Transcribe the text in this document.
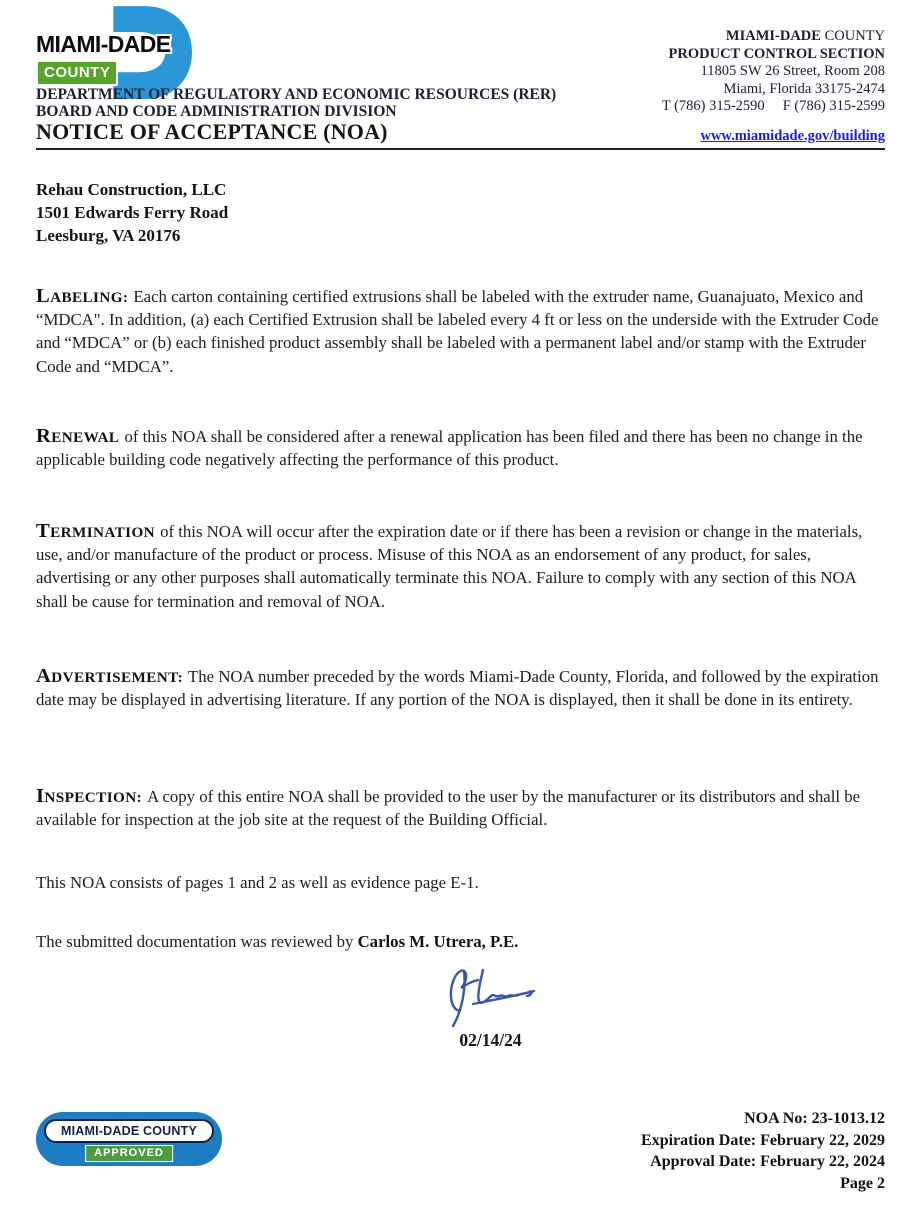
MIAMI-DADE
COUNTY
DEPARTMENT OF REGULATORY AND ECONOMIC RESOURCES (RER)
BOARD AND CODE ADMINISTRATION DIVISION
NOTICE OF ACCEPTANCE (NOA)
MIAMI-DADE COUNTY
PRODUCT CONTROL SECTION
11805 SW 26 Street, Room 208
Miami, Florida 33175-2474
T (786) 315-2590 F (786) 315-2599
www.miamidade.gov/building
Rehau Construction, LLC
1501 Edwards Ferry Road
Leesburg, VA 20176
LABELING: Each carton containing certified extrusions shall be labeled with the extruder name, Guanajuato, Mexico and “MDCA". In addition, (a) each Certified Extrusion shall be labeled every 4 ft or less on the underside with the Extruder Code and “MDCA” or (b) each finished product assembly shall be labeled with a permanent label and/or stamp with the Extruder Code and “MDCA”.
RENEWAL of this NOA shall be considered after a renewal application has been filed and there has been no change in the applicable building code negatively affecting the performance of this product.
TERMINATION of this NOA will occur after the expiration date or if there has been a revision or change in the materials, use, and/or manufacture of the product or process. Misuse of this NOA as an endorsement of any product, for sales, advertising or any other purposes shall automatically terminate this NOA. Failure to comply with any section of this NOA shall be cause for termination and removal of NOA.
ADVERTISEMENT: The NOA number preceded by the words Miami-Dade County, Florida, and followed by the expiration date may be displayed in advertising literature. If any portion of the NOA is displayed, then it shall be done in its entirety.
INSPECTION: A copy of this entire NOA shall be provided to the user by the manufacturer or its distributors and shall be available for inspection at the job site at the request of the Building Official.
This NOA consists of pages 1 and 2 as well as evidence page E-1.
The submitted documentation was reviewed by Carlos M. Utrera, P.E.
02/14/24
MIAMI-DADE COUNTY
APPROVED
NOA No: 23-1013.12
Expiration Date: February 22, 2029
Approval Date: February 22, 2024
Page 2
